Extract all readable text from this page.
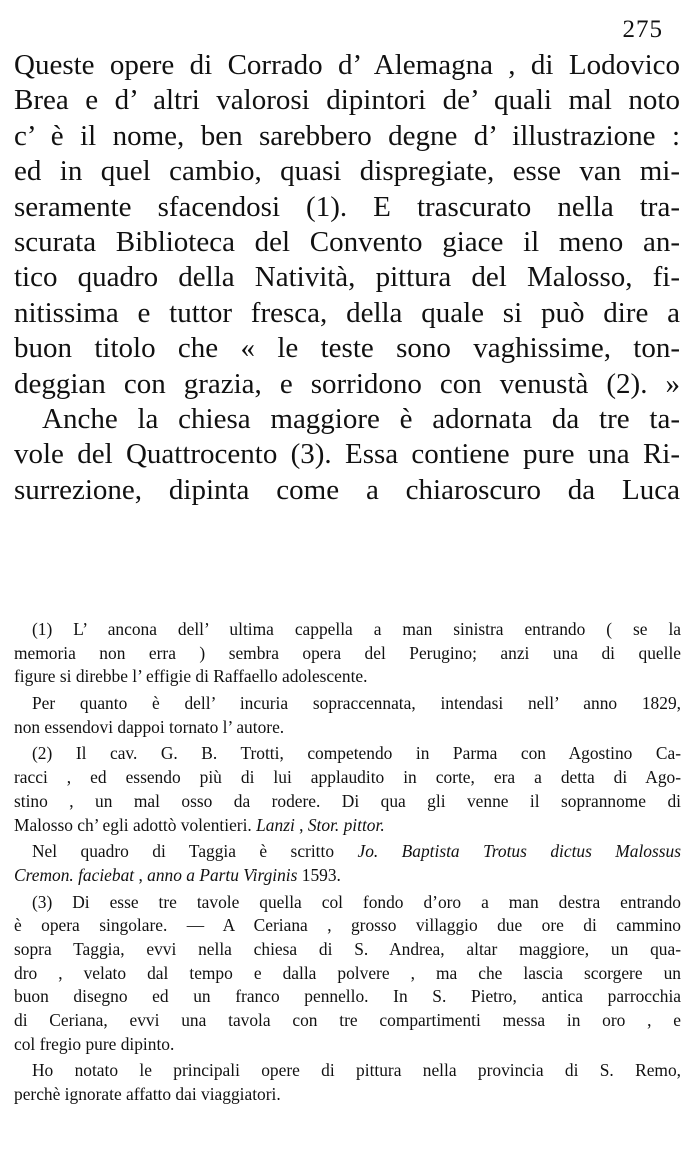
275
Queste opere di Corrado d’ Alemagna , di Lodovico
Brea e d’ altri valorosi dipintori de’ quali mal noto
c’ è il nome, ben sarebbero degne d’ illustrazione :
ed in quel cambio, quasi dispregiate, esse van mi-
seramente sfacendosi (1). E trascurato nella tra-
scurata Biblioteca del Convento giace il meno an-
tico quadro della Natività, pittura del Malosso, fi-
nitissima e tuttor fresca, della quale si può dire a
buon titolo che « le teste sono vaghissime, ton-
deggian con grazia, e sorridono con venustà (2). »
Anche la chiesa maggiore è adornata da tre ta-
vole del Quattrocento (3). Essa contiene pure una Ri-
surrezione, dipinta come a chiaroscuro da Luca
(1) L’ ancona dell’ ultima cappella a man sinistra entrando ( se la
memoria non erra ) sembra opera del Perugino; anzi una di quelle
figure si direbbe l’ effigie di Raffaello adolescente.
Per quanto è dell’ incuria sopraccennata, intendasi nell’ anno 1829,
non essendovi dappoi tornato l’ autore.
(2) Il cav. G. B. Trotti, competendo in Parma con Agostino Ca-
racci , ed essendo più di lui applaudito in corte, era a detta di Ago-
stino , un mal osso da rodere. Di qua gli venne il soprannome di
Malosso ch’ egli adottò volentieri. Lanzi , Stor. pittor.
Nel quadro di Taggia è scritto Jo. Baptista Trotus dictus Malossus
Cremon. faciebat , anno a Partu Virginis 1593.
(3) Di esse tre tavole quella col fondo d’oro a man destra entrando
è opera singolare. — A Ceriana , grosso villaggio due ore di cammino
sopra Taggia, evvi nella chiesa di S. Andrea, altar maggiore, un qua-
dro , velato dal tempo e dalla polvere , ma che lascia scorgere un
buon disegno ed un franco pennello. In S. Pietro, antica parrocchia
di Ceriana, evvi una tavola con tre compartimenti messa in oro , e
col fregio pure dipinto.
Ho notato le principali opere di pittura nella provincia di S. Remo,
perchè ignorate affatto dai viaggiatori.
